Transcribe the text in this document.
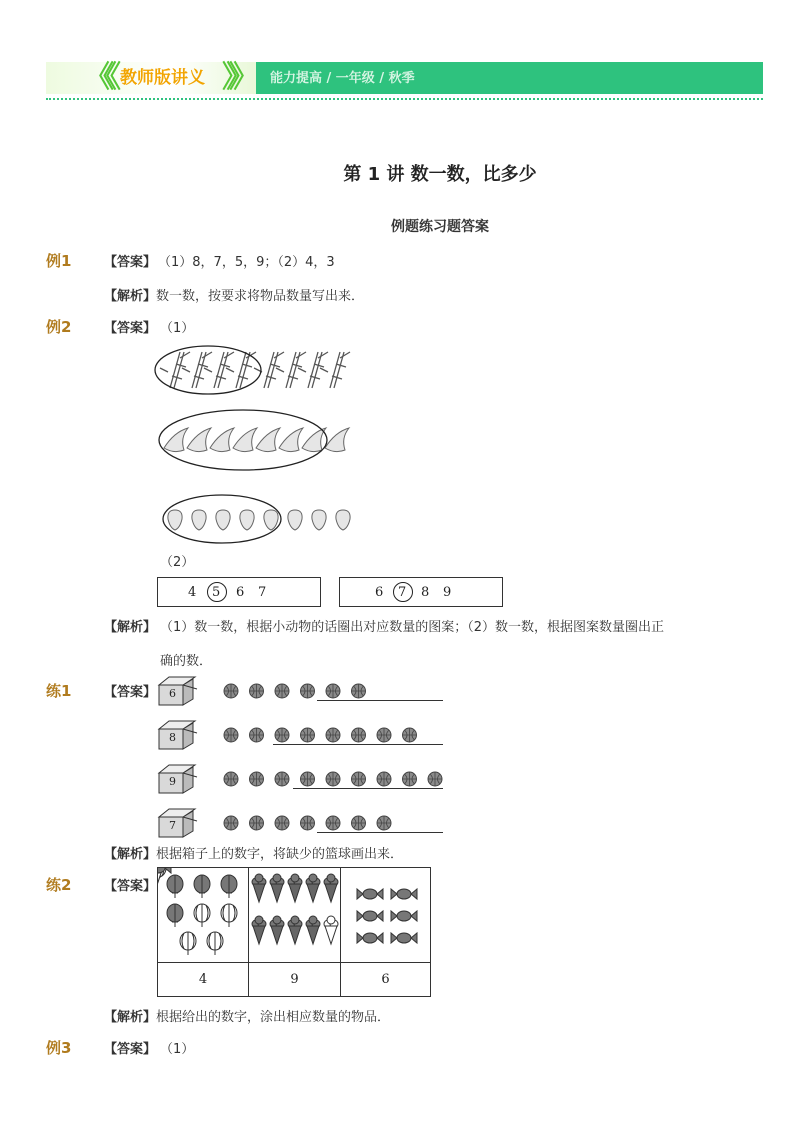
《《	》》
教师版讲义	能力提高 / 一年级 / 秋季
第 1 讲 数一数，比多少
例题练习题答案
例1	【答案】 （1）8，7，5，9；（2）4，3
【解析】 数一数，按要求将物品数量写出来．
例2	【答案】 （1）
（2）
4 5 6 7	6 7 8 9
【解析】 （1）数一数，根据小动物的话圈出对应数量的图案；（2）数一数，根据图案数量圈出正
确的数．
练1	【答案】 6
8
9
7
【解析】 根据箱子上的数字，将缺少的篮球画出来．
练2	【答案】
4	9	6
【解析】 根据给出的数字，涂出相应数量的物品．
例3	【答案】 （1）
